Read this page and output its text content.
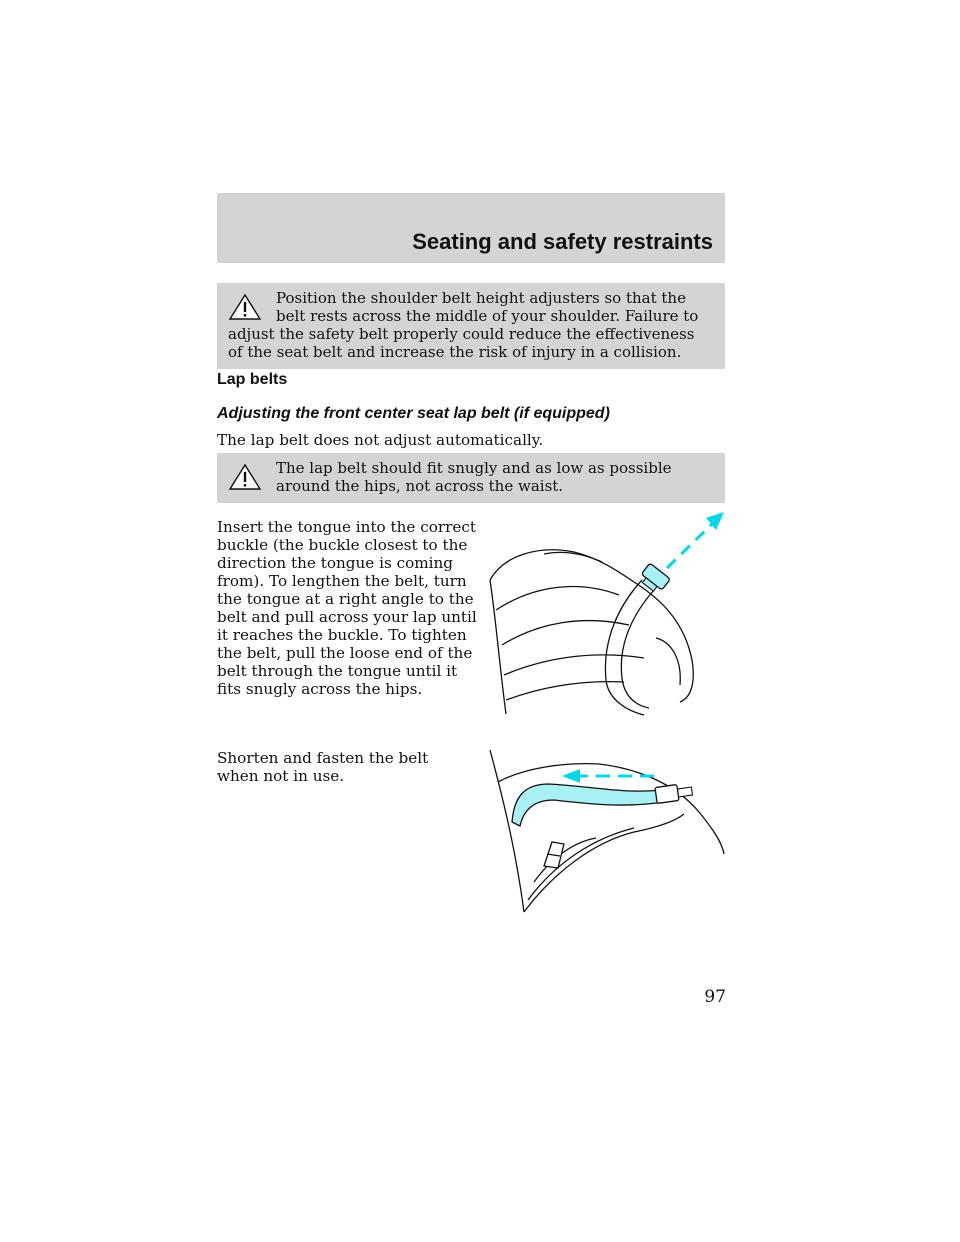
Seating and safety restraints
Position the shoulder belt height adjusters so that the belt rests across the middle of your shoulder. Failure to adjust the safety belt properly could reduce the effectiveness of the seat belt and increase the risk of injury in a collision.
Lap belts
Adjusting the front center seat lap belt (if equipped)
The lap belt does not adjust automatically.
The lap belt should fit snugly and as low as possible around the hips, not across the waist.
Insert the tongue into the correct buckle (the buckle closest to the direction the tongue is coming from). To lengthen the belt, turn the tongue at a right angle to the belt and pull across your lap until it reaches the buckle. To tighten the belt, pull the loose end of the belt through the tongue until it fits snugly across the hips.
Shorten and fasten the belt when not in use.
97
